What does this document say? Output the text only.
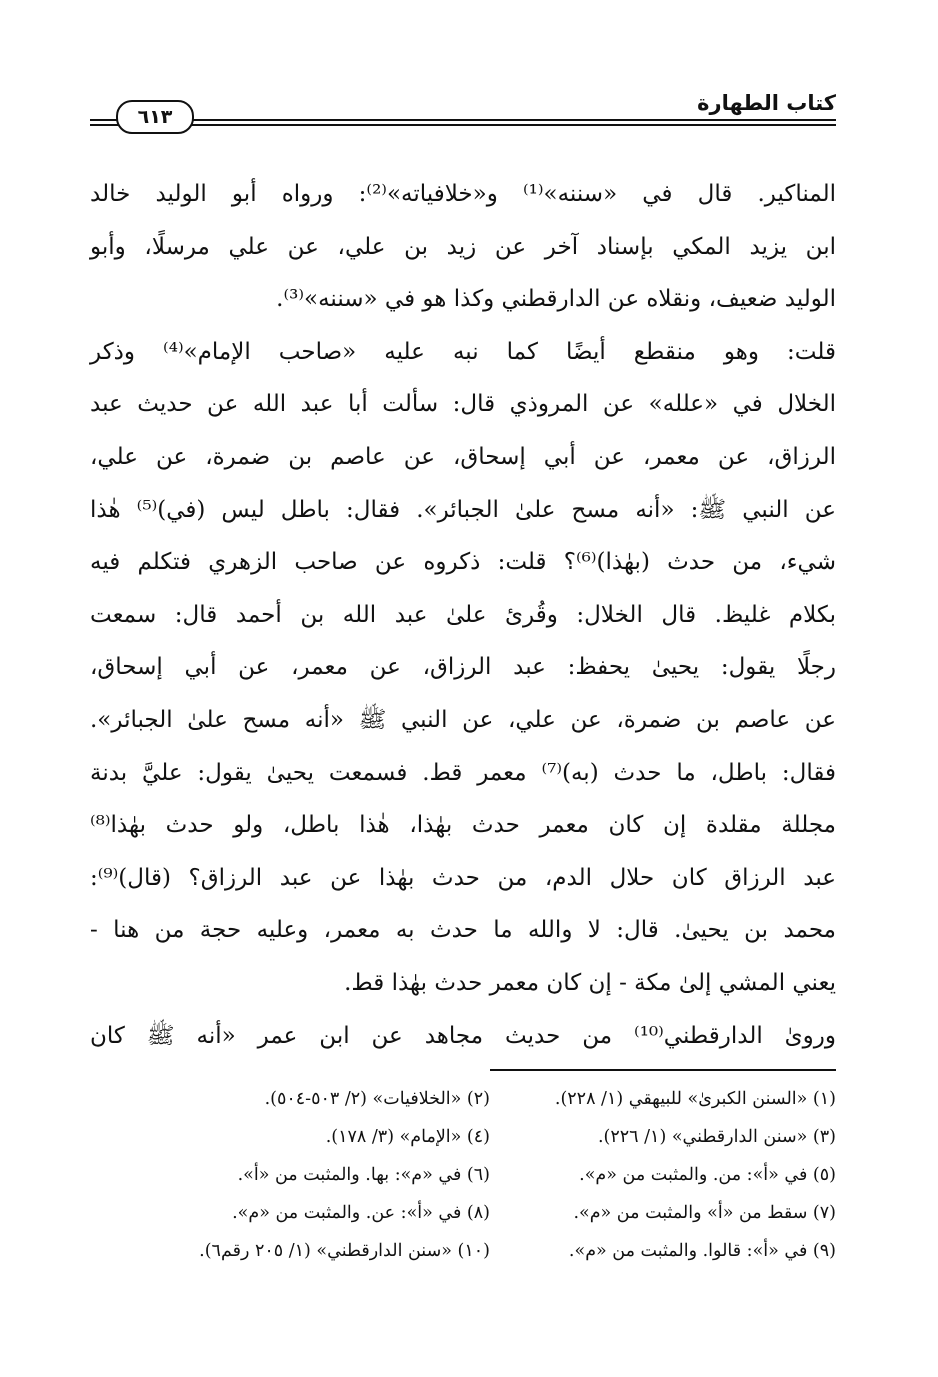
كتاب الطهارة
٦١٣
المناكير. قال في «سننه»⁽¹⁾ و«خلافياته»⁽²⁾: ورواه أبو الوليد خالد
ابن يزيد المكي بإسناد آخر عن زيد بن علي، عن علي مرسلًا، وأبو
الوليد ضعيف، ونقلاه عن الدارقطني وكذا هو في «سننه»⁽³⁾.
قلت: وهو منقطع أيضًا كما نبه عليه «صاحب الإمام»⁽⁴⁾ وذكر
الخلال في «علله» عن المروذي قال: سألت أبا عبد الله عن حديث عبد
الرزاق، عن معمر، عن أبي إسحاق، عن عاصم بن ضمرة، عن علي،
عن النبي ﷺ: «أنه مسح علىٰ الجبائر». فقال: باطل ليس (في)⁽⁵⁾ هٰذا
شيء، من حدث (بهٰذا)⁽⁶⁾؟ قلت: ذكروه عن صاحب الزهري فتكلم فيه
بكلام غليظ. قال الخلال: وقُرئ علىٰ عبد الله بن أحمد قال: سمعت
رجلًا يقول: يحيىٰ يحفظ: عبد الرزاق، عن معمر، عن أبي إسحاق،
عن عاصم بن ضمرة، عن علي، عن النبي ﷺ «أنه مسح علىٰ الجبائر».
فقال: باطل، ما حدث (به)⁽⁷⁾ معمر قط. فسمعت يحيىٰ يقول: عليَّ بدنة
مجللة مقلدة إن كان معمر حدث بهٰذا، هٰذا باطل، ولو حدث بهٰذا⁽⁸⁾
عبد الرزاق كان حلال الدم، من حدث بهٰذا عن عبد الرزاق؟ (قال)⁽⁹⁾:
محمد بن يحيىٰ. قال: لا والله ما حدث به معمر، وعليه حجة من هنا -
يعني المشي إلىٰ مكة - إن كان معمر حدث بهٰذا قط.
ورویٰ الدارقطني⁽¹⁰⁾ من حديث مجاهد عن ابن عمر «أنه ﷺ كان
(١) «السنن الكبرىٰ» للبيهقي (١/ ٢٢٨).
(٢) «الخلافيات» (٢/ ٥٠٣-٥٠٤).
(٣) «سنن الدارقطني» (١/ ٢٢٦).
(٤) «الإمام» (٣/ ١٧٨).
(٥) في «أ»: من. والمثبت من «م».
(٦) في «م»: بها. والمثبت من «أ».
(٧) سقط من «أ» والمثبت من «م».
(٨) في «أ»: عن. والمثبت من «م».
(٩) في «أ»: قالوا. والمثبت من «م».
(١٠) «سنن الدارقطني» (١/ ٢٠٥ رقم٦).
